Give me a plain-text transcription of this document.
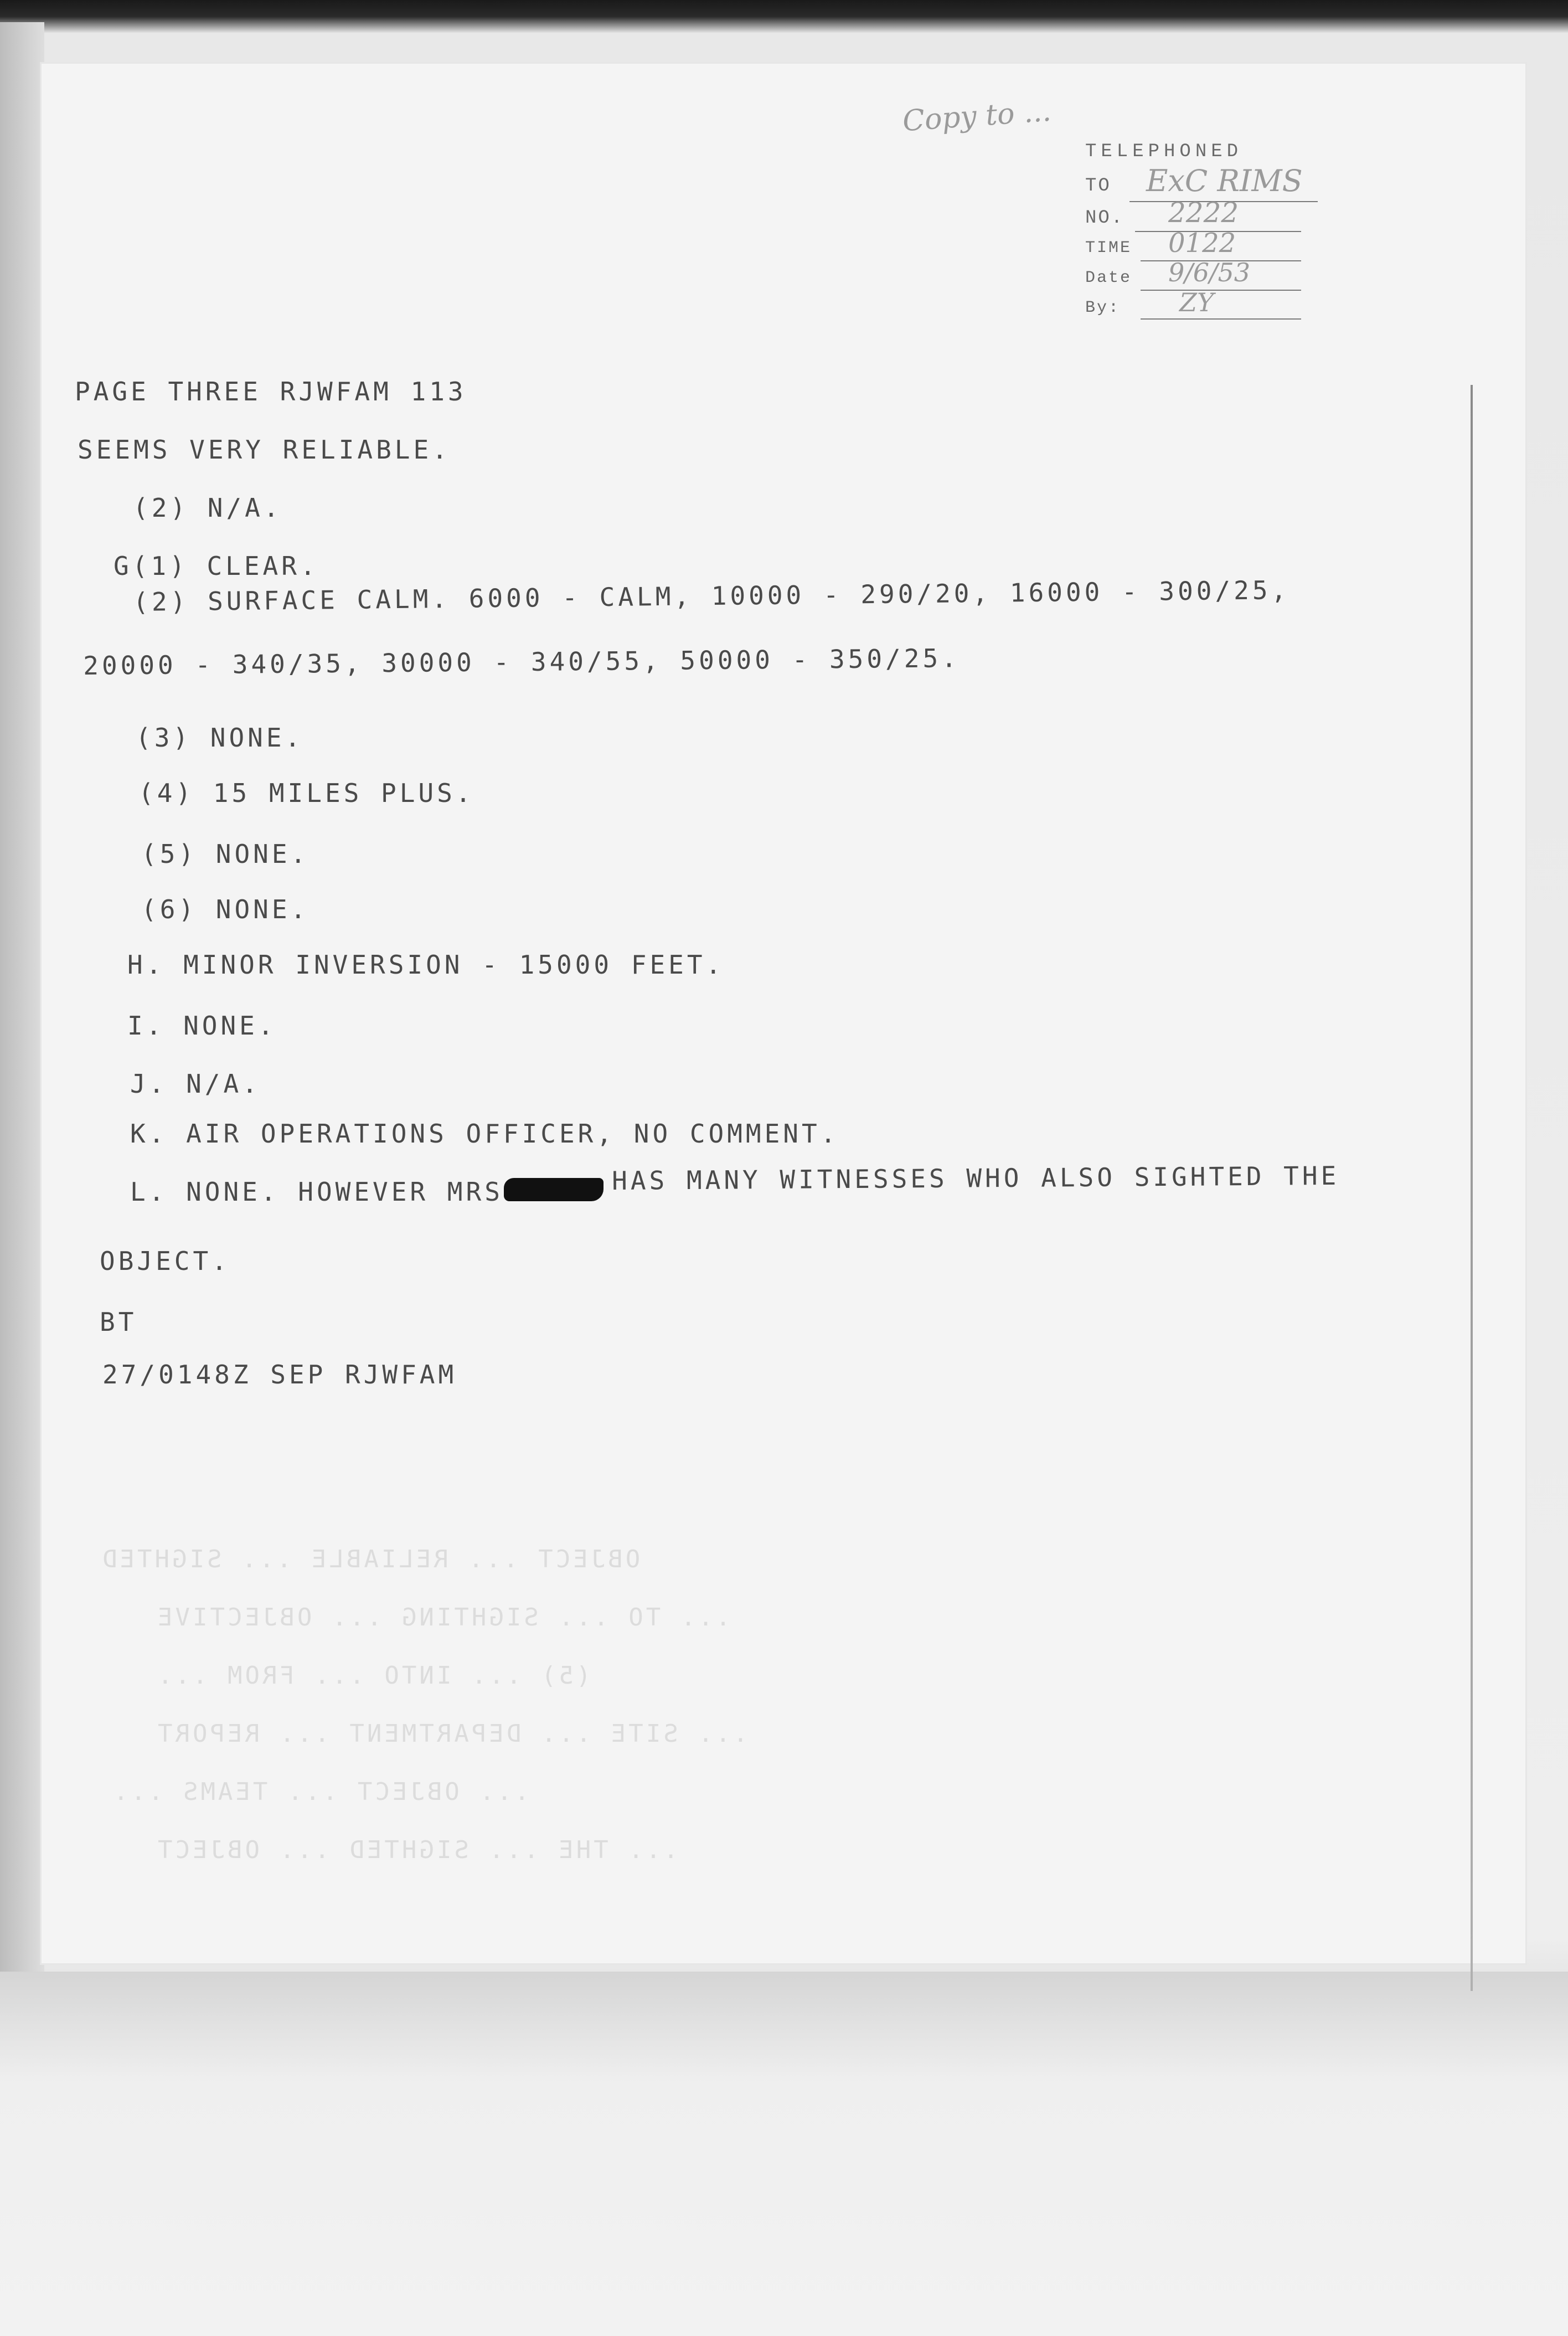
Copy to ...
TELEPHONED
TO ExC RIMS
NO. 2222
TIME 0122
Date 9/6/53
By: ZY
PAGE THREE RJWFAM 113
SEEMS VERY RELIABLE.
(2) N/A.
G(1) CLEAR.
(2) SURFACE CALM. 6000 - CALM, 10000 - 290/20, 16000 - 300/25,
20000 - 340/35, 30000 - 340/55, 50000 - 350/25.
(3) NONE.
(4) 15 MILES PLUS.
(5) NONE.
(6) NONE.
H. MINOR INVERSION - 15000 FEET.
I. NONE.
J. N/A.
K. AIR OPERATIONS OFFICER, NO COMMENT.
L. NONE. HOWEVER MRS	HAS MANY WITNESSES WHO ALSO SIGHTED THE
OBJECT.
BT
27/0148Z SEP RJWFAM
OBJECT ... RELIABLE ... SIGHTED
... TO ... SIGHTING ... OBJECTIVE
(5) ... INTO ... FROM ...
... SITE ... DEPARTMENT ... REPORT
... OBJECT ... TEAMS ...
... THE ... SIGHTED ... OBJECT
